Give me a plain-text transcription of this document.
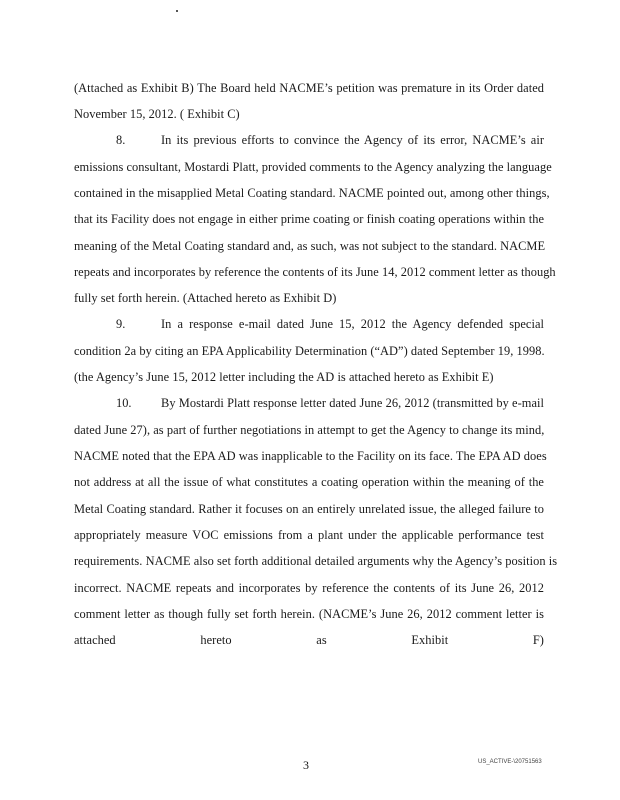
(Attached as Exhibit B) The Board held NACME’s petition was premature in its Order dated
November 15, 2012. ( Exhibit C)
8.	In its previous efforts to convince the Agency of its error, NACME’s air
emissions consultant, Mostardi Platt, provided comments to the Agency analyzing the language
contained in the misapplied Metal Coating standard. NACME pointed out, among other things,
that its Facility does not engage in either prime coating or finish coating operations within the
meaning of the Metal Coating standard and, as such, was not subject to the standard. NACME
repeats and incorporates by reference the contents of its June 14, 2012 comment letter as though
fully set forth herein. (Attached hereto as Exhibit D)
9.	In a response e-mail dated June 15, 2012 the Agency defended special
condition 2a by citing an EPA Applicability Determination (“AD”) dated September 19, 1998.
(the Agency’s June 15, 2012 letter including the AD is attached hereto as Exhibit E)
10. By Mostardi Platt response letter dated June 26, 2012 (transmitted by e-mail
dated June 27), as part of further negotiations in attempt to get the Agency to change its mind,
NACME noted that the EPA AD was inapplicable to the Facility on its face. The EPA AD does
not address at all the issue of what constitutes a coating operation within the meaning of the
Metal Coating standard. Rather it focuses on an entirely unrelated issue, the alleged failure to
appropriately measure VOC emissions from a plant under the applicable performance test
requirements. NACME also set forth additional detailed arguments why the Agency’s position is
incorrect. NACME repeats and incorporates by reference the contents of its June 26, 2012
comment letter as though fully set forth herein. (NACME’s June 26, 2012 comment letter is
attached hereto as Exhibit F)
3	US_ACTIVE-\20751563
